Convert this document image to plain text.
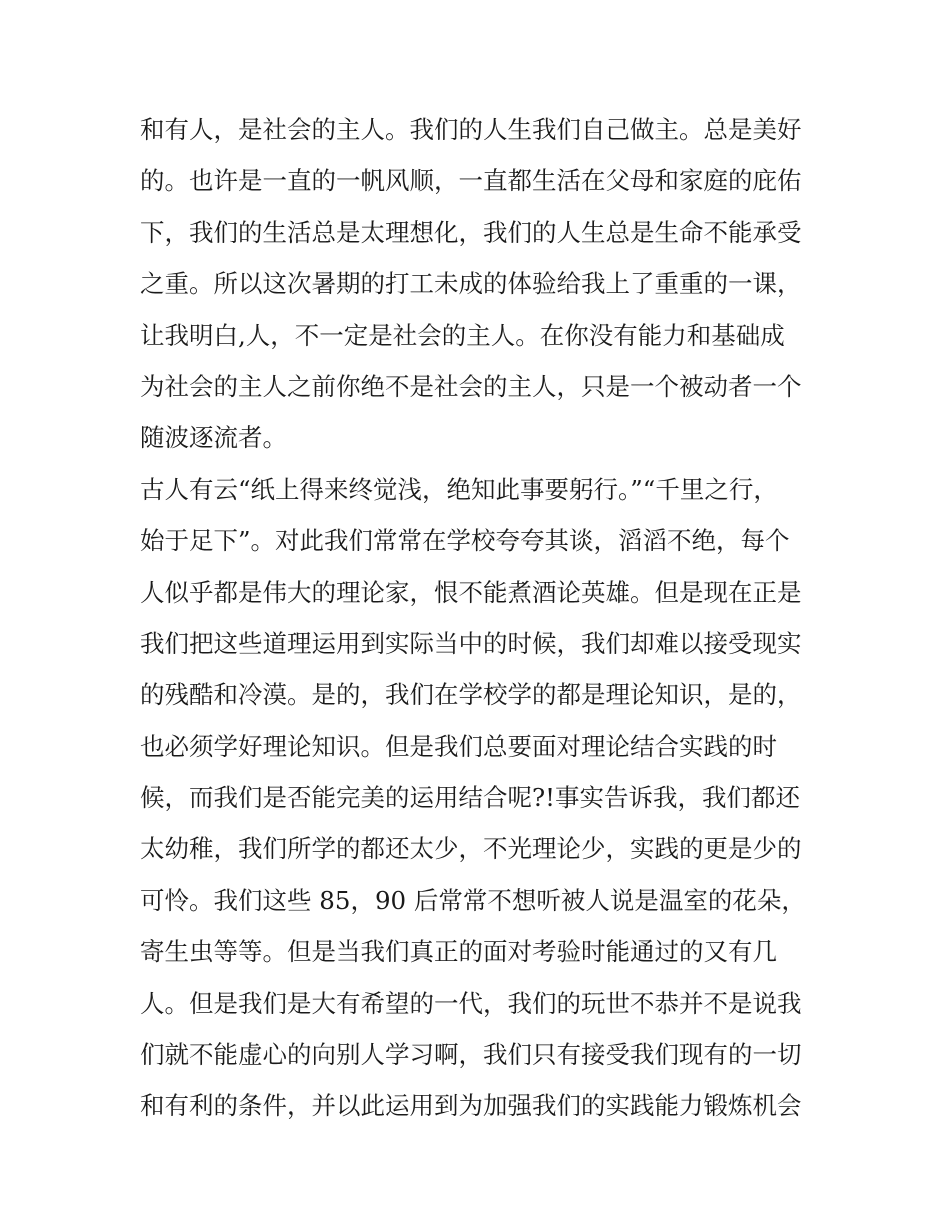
和有人，是社会的主人。我们的人生我们自己做主。总是美好
的。也许是一直的一帆风顺，一直都生活在父母和家庭的庇佑
下，我们的生活总是太理想化，我们的人生总是生命不能承受
之重。所以这次暑期的打工未成的体验给我上了重重的一课，
让我明白,人，不一定是社会的主人。在你没有能力和基础成
为社会的主人之前你绝不是社会的主人，只是一个被动者一个
随波逐流者。
古人有云“纸上得来终觉浅，绝知此事要躬行。”“千里之行，
始于足下”。对此我们常常在学校夸夸其谈，滔滔不绝，每个
人似乎都是伟大的理论家，恨不能煮酒论英雄。但是现在正是
我们把这些道理运用到实际当中的时候，我们却难以接受现实
的残酷和冷漠。是的，我们在学校学的都是理论知识，是的，
也必须学好理论知识。但是我们总要面对理论结合实践的时
候，而我们是否能完美的运用结合呢?!事实告诉我，我们都还
太幼稚，我们所学的都还太少，不光理论少，实践的更是少的
可怜。我们这些 85，90 后常常不想听被人说是温室的花朵，
寄生虫等等。但是当我们真正的面对考验时能通过的又有几
人。但是我们是大有希望的一代，我们的玩世不恭并不是说我
们就不能虚心的向别人学习啊，我们只有接受我们现有的一切
和有利的条件，并以此运用到为加强我们的实践能力锻炼机会
